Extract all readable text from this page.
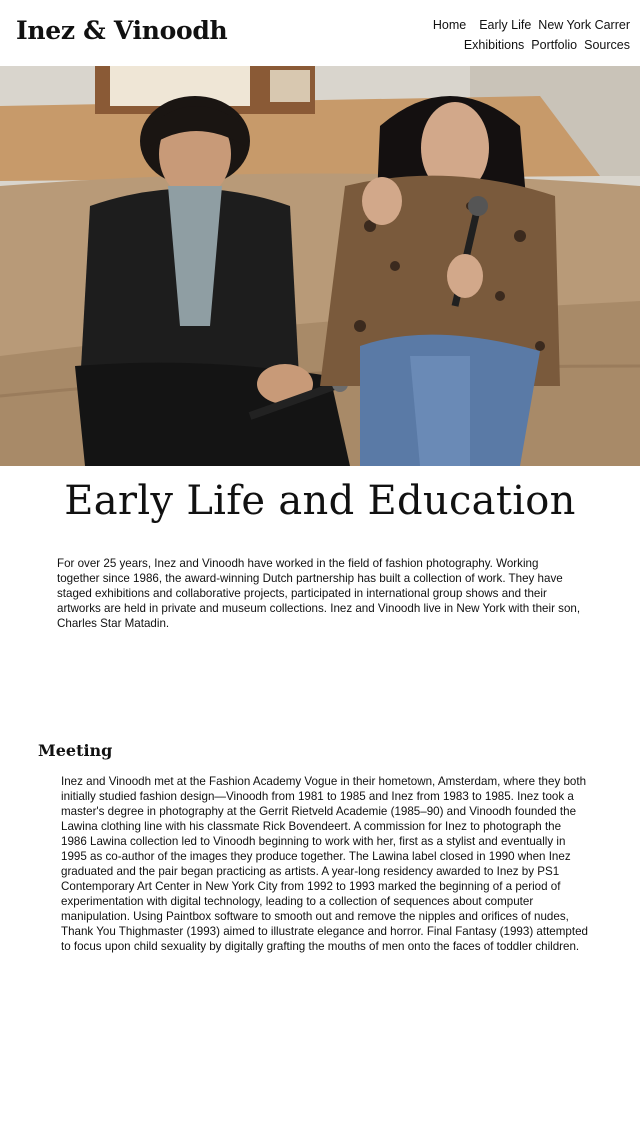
Inez & Vinoodh	Home Early Life New York Carrer
Exhibitions Portfolio Sources
Early Life and Education

For over 25 years, Inez and Vinoodh have worked in the field of fashion photography. Working together since 1986, the award-winning Dutch partnership has built a collection of work. They have staged exhibitions and collaborative projects, participated in international group shows and their artworks are held in private and museum collections. Inez and Vinoodh live in New York with their son, Charles Star Matadin.

Meeting

Inez and Vinoodh met at the Fashion Academy Vogue in their hometown, Amsterdam, where they both initially studied fashion design—Vinoodh from 1981 to 1985 and Inez from 1983 to 1985. Inez took a master's degree in photography at the Gerrit Rietveld Academie (1985–90) and Vinoodh founded the Lawina clothing line with his classmate Rick Bovendeert. A commission for Inez to photograph the 1986 Lawina collection led to Vinoodh beginning to work with her, first as a stylist and eventually in 1995 as co-author of the images they produce together. The Lawina label closed in 1990 when Inez graduated and the pair began practicing as artists. A year-long residency awarded to Inez by PS1 Contemporary Art Center in New York City from 1992 to 1993 marked the beginning of a period of experimentation with digital technology, leading to a collection of sequences about computer manipulation. Using Paintbox software to smooth out and remove the nipples and orifices of nudes, Thank You Thighmaster (1993) aimed to illustrate elegance and horror. Final Fantasy (1993) attempted to focus upon child sexuality by digitally grafting the mouths of men onto the faces of toddler children.
